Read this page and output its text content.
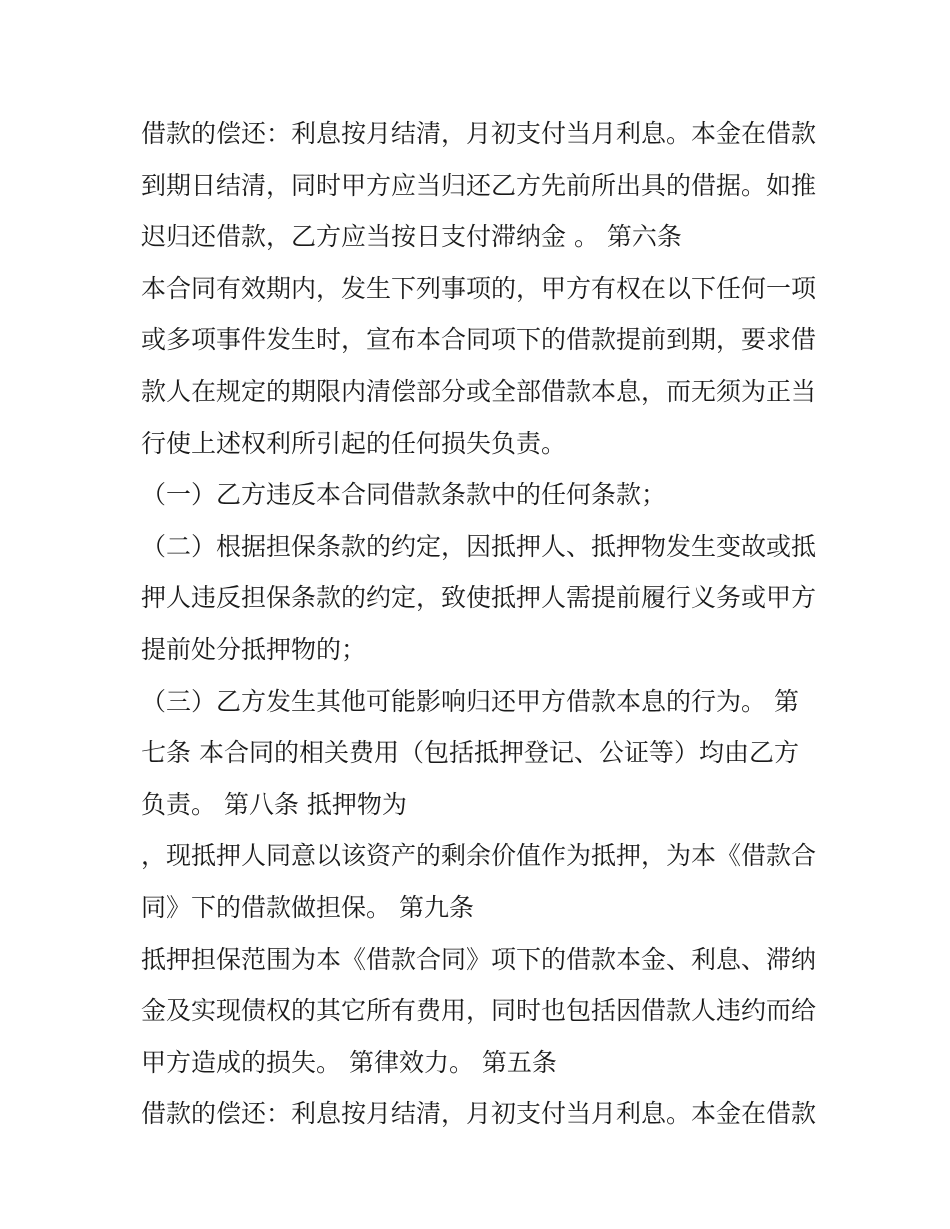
借款的偿还：利息按月结清，月初支付当月利息。本金在借款
到期日结清，同时甲方应当归还乙方先前所出具的借据。如推
迟归还借款，乙方应当按日支付滞纳金 。 第六条
本合同有效期内，发生下列事项的，甲方有权在以下任何一项
或多项事件发生时，宣布本合同项下的借款提前到期，要求借
款人在规定的期限内清偿部分或全部借款本息，而无须为正当
行使上述权利所引起的任何损失负责。
（一）乙方违反本合同借款条款中的任何条款；
（二）根据担保条款的约定，因抵押人、抵押物发生变故或抵
押人违反担保条款的约定，致使抵押人需提前履行义务或甲方
提前处分抵押物的；
（三）乙方发生其他可能影响归还甲方借款本息的行为。 第
七条 本合同的相关费用（包括抵押登记、公证等）均由乙方
负责。 第八条 抵押物为
，现抵押人同意以该资产的剩余价值作为抵押，为本《借款合
同》下的借款做担保。 第九条
抵押担保范围为本《借款合同》项下的借款本金、利息、滞纳
金及实现债权的其它所有费用，同时也包括因借款人违约而给
甲方造成的损失。 第律效力。 第五条
借款的偿还：利息按月结清，月初支付当月利息。本金在借款
